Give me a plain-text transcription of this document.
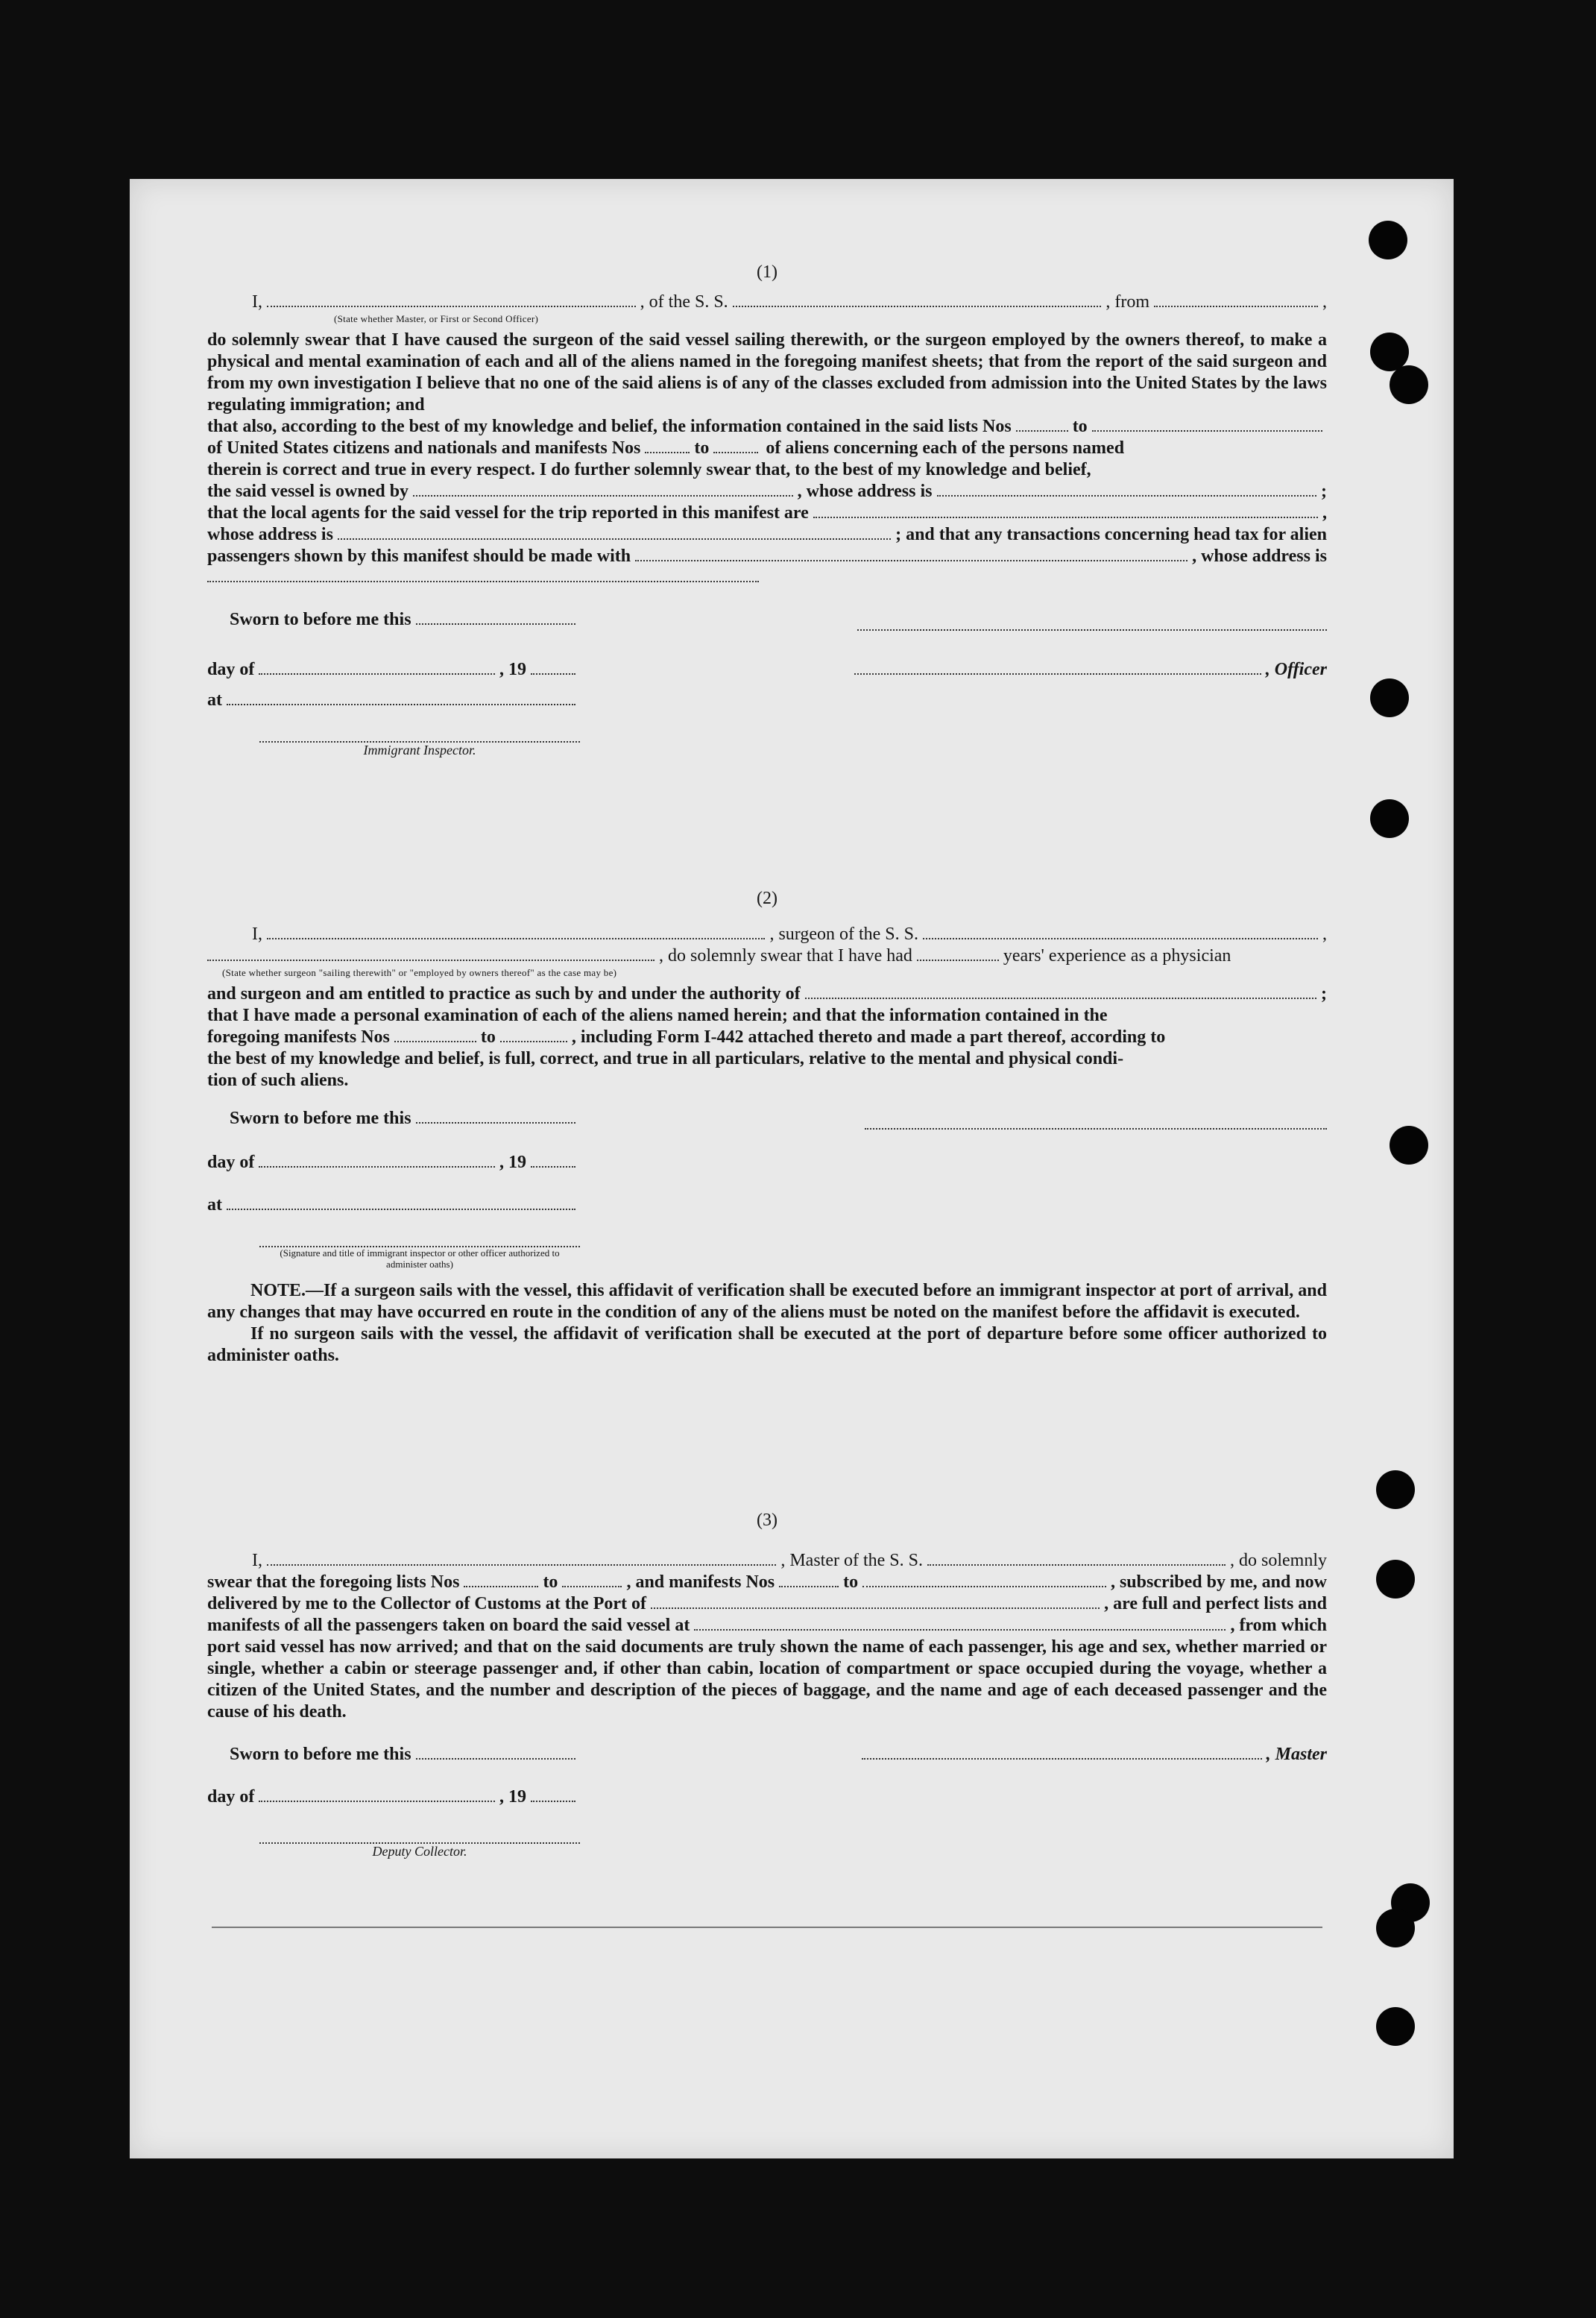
(1)

I,	, of the S. S.	, from	,
(State whether Master, or First or Second Officer)

do solemnly swear that I have caused the surgeon of the said vessel sailing therewith, or the surgeon employed by the owners thereof, to make a physical and mental examination of each and all of the aliens named in the foregoing manifest sheets; that from the report of the said surgeon and from my own investigation I believe that no one of the said aliens is of any of the classes excluded from admission into the United States by the laws regulating immigration; and

that also, according to the best of my knowledge and belief, the information contained in the said lists Nos	to
of United States citizens and nationals and manifests Nos	to	of aliens concerning each of the persons named
therein is correct and true in every respect. I do further solemnly swear that, to the best of my knowledge and belief,
the said vessel is owned by	, whose address is	;
that the local agents for the said vessel for the trip reported in this manifest are	,
whose address is	; and that any transactions concerning head tax for alien
passengers shown by this manifest should be made with	, whose address is
Sworn to before me this
day of	, 19	, Officer
at
Immigrant Inspector.

(2)

I,	, surgeon of the S. S.	,
, do solemnly swear that I have had	years' experience as a physician
(State whether surgeon "sailing therewith" or "employed by owners thereof" as the case may be)
and surgeon and am entitled to practice as such by and under the authority of	;
that I have made a personal examination of each of the aliens named herein; and that the information contained in the
foregoing manifests Nos	to	, including Form I-442 attached thereto and made a part thereof, according to
the best of my knowledge and belief, is full, correct, and true in all particulars, relative to the mental and physical condi-
tion of such aliens.
Sworn to before me this
day of	, 19
at
(Signature and title of immigrant inspector or other officer authorized to administer oaths)

NOTE.—If a surgeon sails with the vessel, this affidavit of verification shall be executed before an immigrant inspector at port of arrival, and any changes that may have occurred en route in the condition of any of the aliens must be noted on the manifest before the affidavit is executed.

If no surgeon sails with the vessel, the affidavit of verification shall be executed at the port of departure before some officer authorized to administer oaths.

(3)

I,	, Master of the S. S.	, do solemnly
swear that the foregoing lists Nos	to	, and manifests Nos	to	, subscribed by me, and now
delivered by me to the Collector of Customs at the Port of	, are full and perfect lists and
manifests of all the passengers taken on board the said vessel at	, from which

port said vessel has now arrived; and that on the said documents are truly shown the name of each passenger, his age and sex, whether married or single, whether a cabin or steerage passenger and, if other than cabin, location of compartment or space occupied during the voyage, whether a citizen of the United States, and the number and description of the pieces of baggage, and the name and age of each deceased passenger and the cause of his death.

Sworn to before me this	, Master
day of	, 19
Deputy Collector.
